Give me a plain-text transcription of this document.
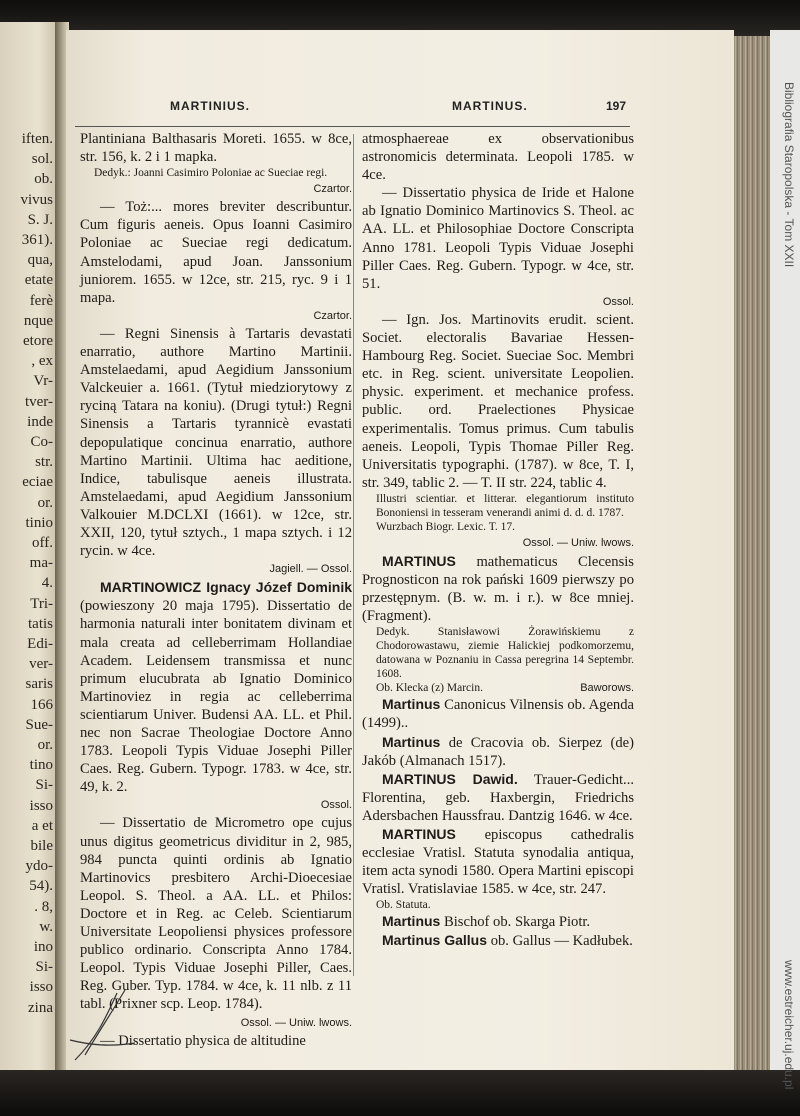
iften.
sol.
ob.
vivus
S. J.
361).
qua,
etate
ferè
nque
etore
, ex
Vr-
tver-
inde
Co-
str.
eciae
or.
tinio
off.
ma-
4.
Tri-
tatis
Edi-
ver-
saris
166
Sue-
or.
tino
Si-
isso
a et
bile
ydo-
54).
. 8,
w.
ino
Si-
isso
zina
Bibliografia Staropolska - Tom XXII
www.estreicher.uj.edu.pl
MARTINIUS.	MARTINUS.	197

Plantiniana Balthasaris Moreti. 1655. w 8ce, str. 156, k. 2 i 1 mapka.

Dedyk.: Joanni Casimiro Poloniae ac Sueciae regi.

Czartor.

— Toż:... mores breviter describuntur. Cum figuris aeneis. Opus Ioanni Casimiro Poloniae ac Sueciae regi dedicatum. Amstelodami, apud Joan. Janssonium juniorem. 1655. w 12ce, str. 215, ryc. 9 i 1 mapa.

Czartor.

— Regni Sinensis à Tartaris devastati enarratio, authore Martino Martinii. Amstelaedami, apud Aegidium Janssonium Valckeuier a. 1661. (Tytuł miedziorytowy z ryciną Tatara na koniu). (Drugi tytuł:) Regni Sinensis a Tartaris tyrannicè evastati depopulatique concinua enarratio, authore Martino Martinii. Ultima hac aeditione, Indice, tabulisque aeneis illustrata. Amstelaedami, apud Aegidium Janssonium Valkouier M.DCLXI (1661). w 12ce, str. XXII, 120, tytuł sztych., 1 mapa sztych. i 12 rycin. w 4ce.

Jagiell. — Ossol.

MARTINOWICZ Ignacy Józef Dominik (powieszony 20 maja 1795). Dissertatio de harmonia naturali inter bonitatem divinam et mala creata ad celleberrimam Hollandiae Academ. Leidensem transmissa et nunc primum elucubrata ab Ignatio Dominico Martinoviez in regia ac celleberrima scientiarum Univer. Budensi AA. LL. et Phil. nec non Sacrae Theologiae Doctore Anno 1783. Leopoli Typis Viduae Josephi Piller Caes. Reg. Gubern. Typogr. 1783. w 4ce, str. 49, k. 2.

Ossol.

— Dissertatio de Micrometro ope cujus unus digitus geometricus dividitur in 2, 985, 984 puncta quinti ordinis ab Ignatio Martinovics presbitero Archi-Dioecesiae Leopol. S. Theol. a AA. LL. et Philos: Doctore et in Reg. ac Celeb. Scientiarum Universitate Leopoliensi physices professore publico ordinario. Conscripta Anno 1784. Leopol. Typis Viduae Josephi Piller, Caes. Reg. Guber. Typ. 1784. w 4ce, k. 11 nlb. z 11 tabl. (Prixner scp. Leop. 1784).

Ossol. — Uniw. lwows.

— Dissertatio physica de altitudine

atmosphaereae ex observationibus astronomicis determinata. Leopoli 1785. w 4ce.

— Dissertatio physica de Iride et Halone ab Ignatio Dominico Martinovics S. Theol. ac AA. LL. et Philosophiae Doctore Conscripta Anno 1781. Leopoli Typis Viduae Josephi Piller Caes. Reg. Gubern. Typogr. w 4ce, str. 51.

Ossol.

— Ign. Jos. Martinovits erudit. scient. Societ. electoralis Bavariae Hessen-Hambourg Reg. Societ. Sueciae Soc. Membri etc. in Reg. scient. universitate Leopolien. physic. experiment. et mechanice profess. public. ord. Praelectiones Physicae experimentalis. Tomus primus. Cum tabulis aeneis. Leopoli, Typis Thomae Piller Reg. Universitatis typographi. (1787). w 8ce, T. I, str. 349, tablic 2. — T. II str. 224, tablic 4.

Illustri scientiar. et litterar. elegantiorum instituto Bononiensi in tesseram venerandi animi d. d. d. 1787.

Wurzbach Biogr. Lexic. T. 17.

Ossol. — Uniw. lwows.

MARTINUS mathematicus Clecensis Prognosticon na rok pański 1609 pierwszy po przestępnym. (B. w. m. i r.). w 8ce mniej. (Fragment).

Dedyk. Stanisławowi Żorawińskiemu z Chodorowastawu, ziemie Halickiej podkomorzemu, datowana w Poznaniu in Cassa peregrina 14 Septembr. 1608.

Ob. Klecka (z) Marcin.	Baworows.

Martinus Canonicus Vilnensis ob. Agenda (1499)..

Martinus de Cracovia ob. Sierpez (de) Jakób (Almanach 1517).

MARTINUS Dawid. Trauer-Gedicht... Florentina, geb. Haxbergin, Friedrichs Adersbachen Haussfrau. Dantzig 1646. w 4ce.

MARTINUS episcopus cathedralis ecclesiae Vratisl. Statuta synodalia antiqua, item acta synodi 1580. Opera Martini episcopi Vratisl. Vratislaviae 1585. w 4ce, str. 247.

Ob. Statuta.

Martinus Bischof ob. Skarga Piotr.

Martinus Gallus ob. Gallus — Kadłubek.
